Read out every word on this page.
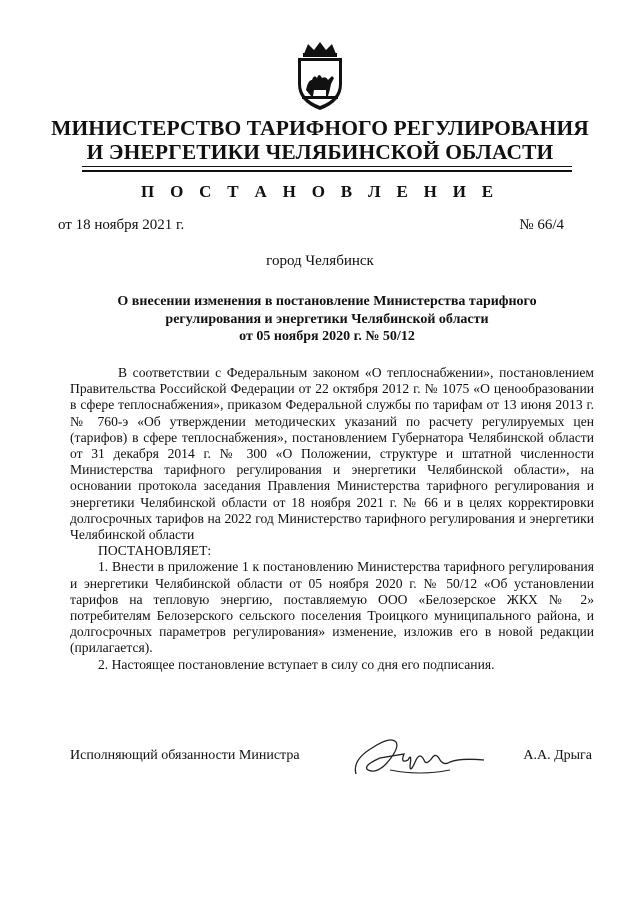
МИНИСТЕРСТВО ТАРИФНОГО РЕГУЛИРОВАНИЯ
И ЭНЕРГЕТИКИ ЧЕЛЯБИНСКОЙ ОБЛАСТИ
П О С Т А Н О В Л Е Н И Е
от 18 ноября 2021 г.	№ 66/4
город Челябинск
О внесении изменения в постановление Министерства тарифного
регулирования и энергетики Челябинской области
от 05 ноября 2020 г. № 50/12

В соответствии с Федеральным законом «О теплоснабжении», постановлением Правительства Российской Федерации от 22 октября 2012 г. № 1075 «О ценообразовании в сфере теплоснабжения», приказом Федеральной службы по тарифам от 13 июня 2013 г. № 760-э «Об утверждении методических указаний по расчету регулируемых цен (тарифов) в сфере теплоснабжения», постановлением Губернатора Челябинской области от 31 декабря 2014 г. № 300 «О Положении, структуре и штатной численности Министерства тарифного регулирования и энергетики Челябинской области», на основании протокола заседания Правления Министерства тарифного регулирования и энергетики Челябинской области от 18 ноября 2021 г. № 66 и в целях корректировки долгосрочных тарифов на 2022 год Министерство тарифного регулирования и энергетики Челябинской области

ПОСТАНОВЛЯЕТ:

1. Внести в приложение 1 к постановлению Министерства тарифного регулирования и энергетики Челябинской области от 05 ноября 2020 г. № 50/12 «Об установлении тарифов на тепловую энергию, поставляемую ООО «Белозерское ЖКХ № 2» потребителям Белозерского сельского поселения Троицкого муниципального района, и долгосрочных параметров регулирования» изменение, изложив его в новой редакции (прилагается).

2. Настоящее постановление вступает в силу со дня его подписания.

Исполняющий обязанности Министра	А.А. Дрыга
